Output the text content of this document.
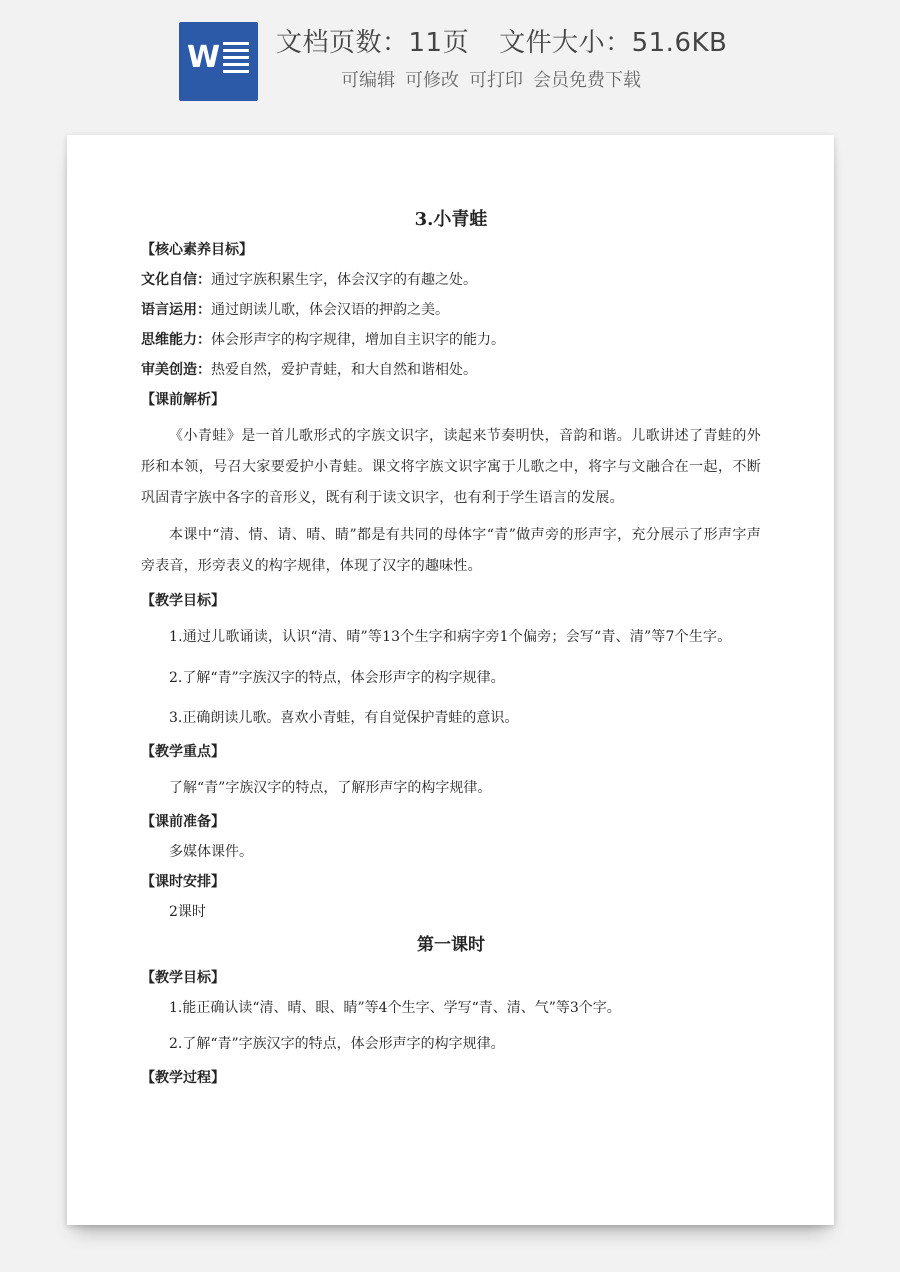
W 文档页数：11页 文件大小：51.6KB
可编辑 可修改 可打印 会员免费下载

3.小青蛙

【核心素养目标】

文化自信：通过字族积累生字，体会汉字的有趣之处。

语言运用：通过朗读儿歌，体会汉语的押韵之美。

思维能力：体会形声字的构字规律，增加自主识字的能力。

审美创造：热爱自然，爱护青蛙，和大自然和谐相处。

【课前解析】

《小青蛙》是一首儿歌形式的字族文识字，读起来节奏明快，音韵和谐。儿歌讲述了青蛙的外形和本领，号召大家要爱护小青蛙。课文将字族文识字寓于儿歌之中，将字与文融合在一起，不断巩固青字族中各字的音形义，既有利于读文识字，也有利于学生语言的发展。

本课中“清、情、请、晴、睛”都是有共同的母体字“青”做声旁的形声字，充分展示了形声字声旁表音，形旁表义的构字规律，体现了汉字的趣味性。

【教学目标】

1.通过儿歌诵读，认识“清、晴”等13个生字和病字旁1个偏旁；会写“青、清”等7个生字。

2.了解“青”字族汉字的特点，体会形声字的构字规律。

3.正确朗读儿歌。喜欢小青蛙，有自觉保护青蛙的意识。

【教学重点】

了解“青”字族汉字的特点，了解形声字的构字规律。

【课前准备】

多媒体课件。

【课时安排】

2课时

第一课时

【教学目标】

1.能正确认读“清、晴、眼、睛”等4个生字、学写“青、清、气”等3个字。

2.了解“青”字族汉字的特点，体会形声字的构字规律。

【教学过程】
